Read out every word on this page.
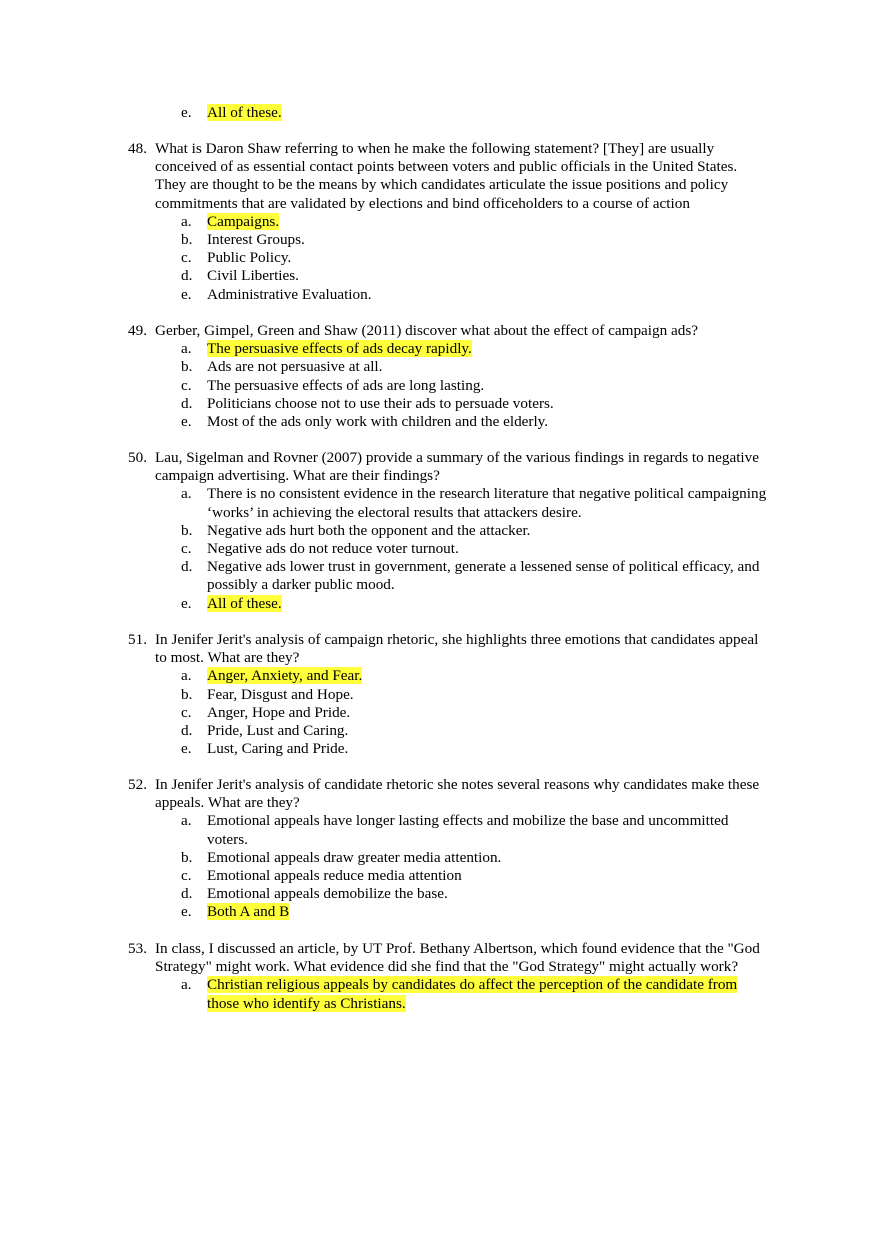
e. All of these.
48. What is Daron Shaw referring to when he make the following statement? [They] are usually conceived of as essential contact points between voters and public officials in the United States. They are thought to be the means by which candidates articulate the issue positions and policy commitments that are validated by elections and bind officeholders to a course of action
a. Campaigns.
b. Interest Groups.
c. Public Policy.
d. Civil Liberties.
e. Administrative Evaluation.
49. Gerber, Gimpel, Green and Shaw (2011) discover what about the effect of campaign ads?
a. The persuasive effects of ads decay rapidly.
b. Ads are not persuasive at all.
c. The persuasive effects of ads are long lasting.
d. Politicians choose not to use their ads to persuade voters.
e. Most of the ads only work with children and the elderly.
50. Lau, Sigelman and Rovner (2007) provide a summary of the various findings in regards to negative campaign advertising. What are their findings?
a. There is no consistent evidence in the research literature that negative political campaigning ‘works’ in achieving the electoral results that attackers desire.
b. Negative ads hurt both the opponent and the attacker.
c. Negative ads do not reduce voter turnout.
d. Negative ads lower trust in government, generate a lessened sense of political efficacy, and possibly a darker public mood.
e. All of these.
51. In Jenifer Jerit's analysis of campaign rhetoric, she highlights three emotions that candidates appeal to most. What are they?
a. Anger, Anxiety, and Fear.
b. Fear, Disgust and Hope.
c. Anger, Hope and Pride.
d. Pride, Lust and Caring.
e. Lust, Caring and Pride.
52. In Jenifer Jerit's analysis of candidate rhetoric she notes several reasons why candidates make these appeals. What are they?
a. Emotional appeals have longer lasting effects and mobilize the base and uncommitted voters.
b. Emotional appeals draw greater media attention.
c. Emotional appeals reduce media attention
d. Emotional appeals demobilize the base.
e. Both A and B
53. In class, I discussed an article, by UT Prof. Bethany Albertson, which found evidence that the "God Strategy" might work. What evidence did she find that the "God Strategy" might actually work?
a. Christian religious appeals by candidates do affect the perception of the candidate from those who identify as Christians.
